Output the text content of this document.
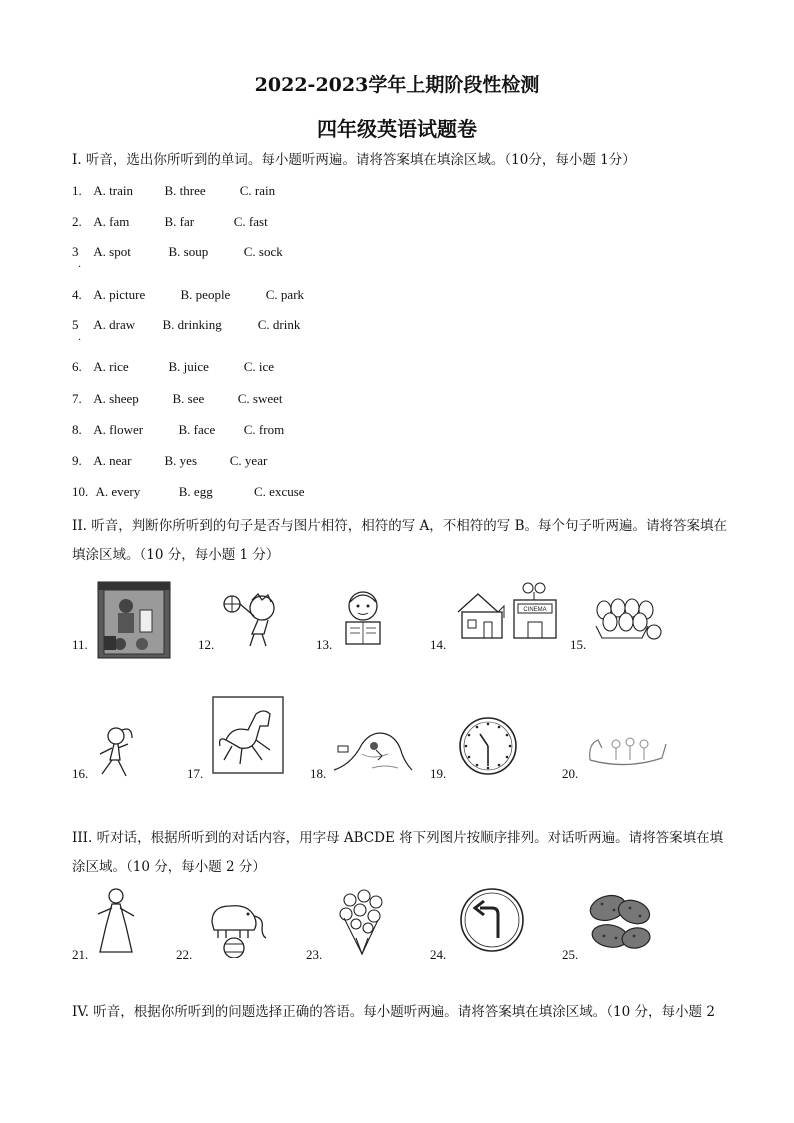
2022-2023学年上期阶段性检测
四年级英语试题卷
I. 听音，选出你所听到的单词。每小题听两遍。请将答案填在填涂区域。（10分，每小题 1分）
1. A. train B. three	C. rain
2. A. fam	B. far	C. fast
3 A. spot	B. soup	C. sock
·
4. A. picture	B. people	C. park
5 A. draw B. drinking	C. drink
·
6. A. rice	B. juice	C. ice
7. A. sheep	B. see	C. sweet
8. A. flower	B. face C. from
9. A. near	B. yes	C. year
10. A. every	B. egg	C. excuse
II. 听音，判断你所听到的句子是否与图片相符，相符的写 A，不相符的写 B。每个句子听两遍。请将答案填在填涂区域。（10 分，每小题 1 分）
11.	12.	13.	14.
CINEMA
15.
16.	17.	18.	19.	20.
III. 听对话，根据所听到的对话内容，用字母 ABCDE 将下列图片按顺序排列。对话听两遍。请将答案填在填涂区域。（10 分，每小题 2 分）
21.	22.	23.	24.	25.
IV. 听音，根据你所听到的问题选择正确的答语。每小题听两遍。请将答案填在填涂区域。（10 分，每小题 2
